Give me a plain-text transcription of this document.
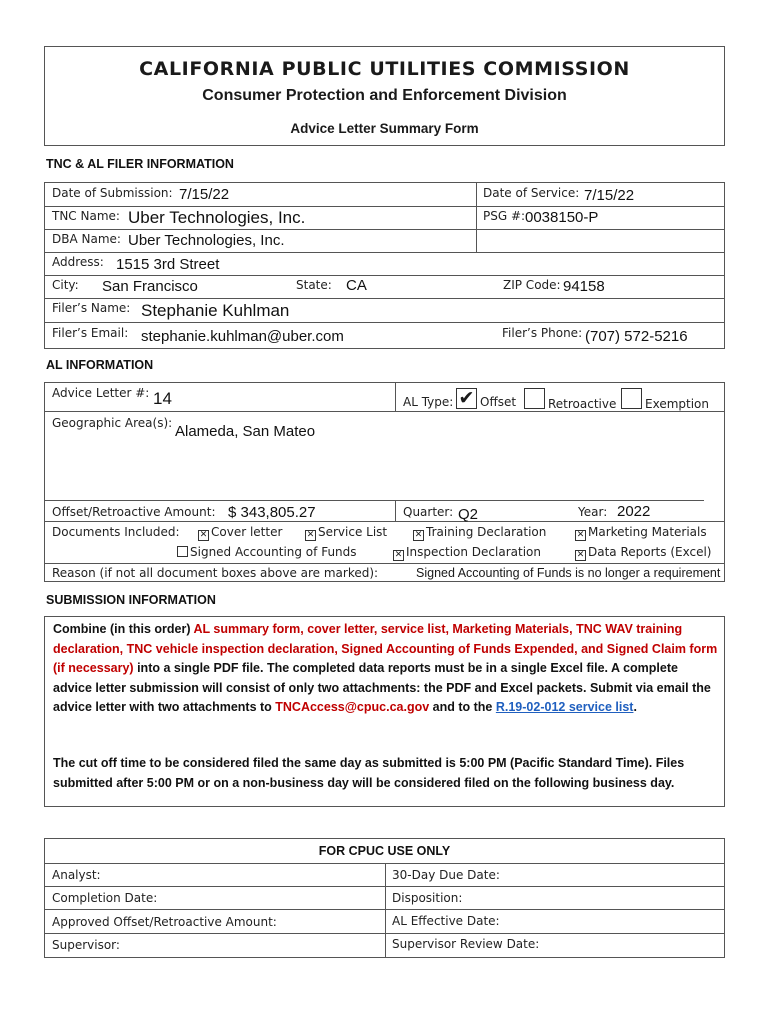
CALIFORNIA PUBLIC UTILITIES COMMISSION
Consumer Protection and Enforcement Division
Advice Letter Summary Form
TNC & AL FILER INFORMATION
Date of Submission: 7/15/22	Date of Service: 7/15/22
TNC Name: Uber Technologies, Inc.	PSG #: 0038150-P
DBA Name: Uber Technologies, Inc.
Address: 1515 3rd Street
City: San Francisco	State: CA	ZIP Code: 94158
Filer’s Name: Stephanie Kuhlman
Filer’s Email: stephanie.kuhlman@uber.com	Filer’s Phone: (707) 572-5216
AL INFORMATION
Advice Letter #: 14	AL Type: ✔ Offset	Retroactive Exemption
Geographic Area(s): Alameda, San Mateo
Offset/Retroactive Amount: $ 343,805.27	Quarter: Q2	Year: 2022
Documents Included: ✕ Cover letter	✕ Service List	✕ Training Declaration	✕ Marketing Materials
Signed Accounting of Funds	✕ Inspection Declaration	✕ Data Reports (Excel)
Reason (if not all document boxes above are marked):	Signed Accounting of Funds is no longer a requirement
SUBMISSION INFORMATION
Combine (in this order) AL summary form, cover letter, service list, Marketing Materials, TNC WAV training declaration, TNC vehicle inspection declaration, Signed Accounting of Funds Expended, and Signed Claim form (if necessary) into a single PDF file. The completed data reports must be in a single Excel file. A complete advice letter submission will consist of only two attachments: the PDF and Excel packets. Submit via email the advice letter with two attachments to TNCAccess@cpuc.ca.gov and to the R.19-02-012 service list.
The cut off time to be considered filed the same day as submitted is 5:00 PM (Pacific Standard Time). Files submitted after 5:00 PM or on a non-business day will be considered filed on the following business day.
FOR CPUC USE ONLY
Analyst:	30-Day Due Date:
Completion Date:	Disposition:
Approved Offset/Retroactive Amount:	AL Effective Date:
Supervisor:	Supervisor Review Date:
